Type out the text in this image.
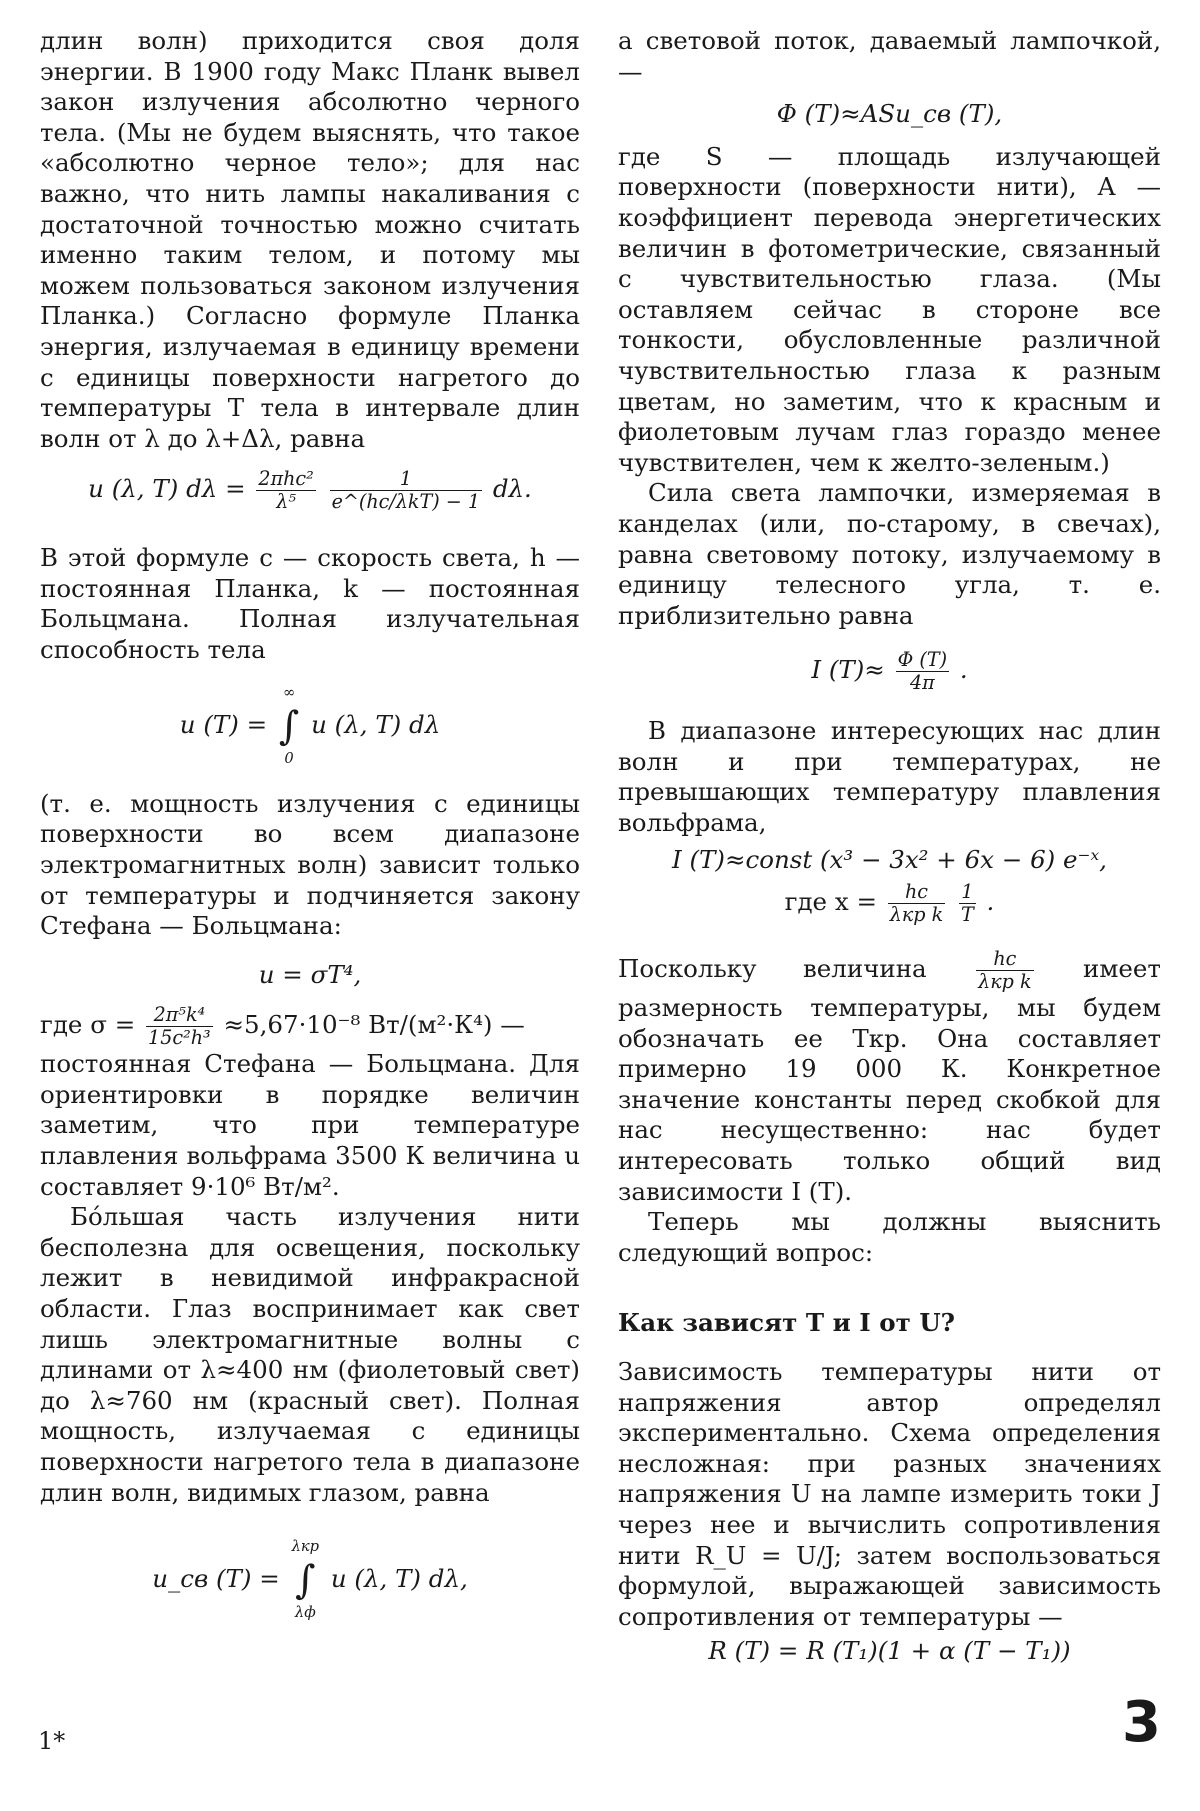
длин волн) приходится своя доля энергии. В 1900 году Макс Планк вывел закон излучения абсолютно черного тела. (Мы не будем выяснять, что такое «абсолютно черное тело»; для нас важно, что нить лампы накаливания с достаточной точностью можно считать именно таким телом, и потому мы можем пользоваться законом излучения Планка.) Согласно формуле Планка энергия, излучаемая в единицу времени с единицы поверхности нагретого до температуры T тела в интервале длин волн от λ до λ+Δλ, равна

u (λ, T) $d\lambda = \frac{\text{2πhc²}}{\text{λ⁵}}$
$\frac{1}{\text{e\textasciicircum{}(hc/λkT) − 1}} d\lambda$.

В этой формуле c — скорость света, h — постоянная Планка, k — постоянная Больцмана. Полная излучательная способность тела

u (T) =
∞
∫
0
u (λ, T) dλ

(т. е. мощность излучения с единицы поверхности во всем диапазоне электромагнитных волн) зависит только от температуры и подчиняется закону Стефана — Больцмана:

u = σT⁴,

где $\sigma = \frac{\text{2π⁵k⁴}}{\text{15c²h³}} \approx 5,67\cdot 10^{-8}$ Вт/(м²·К⁴) —

постоянная Стефана — Больцмана. Для ориентировки в порядке величин заметим, что при температуре плавления вольфрама 3500 К величина u составляет 9·10⁶ Вт/м².

Бо́льшая часть излучения нити бесполезна для освещения, поскольку лежит в невидимой инфракрасной области. Глаз воспринимает как свет лишь электромагнитные волны с длинами от λ≈400 нм (фиолетовый свет) до λ≈760 нм (красный свет). Полная мощность, излучаемая с единицы поверхности нагретого тела в диапазоне длин волн, видимых глазом, равна

u_св (T) =
λкр
∫
λф
u (λ, T) dλ,

а световой поток, даваемый лампочкой,—

Φ (T)≈ASu_св (T),

где S — площадь излучающей поверхности (поверхности нити), A — коэффициент перевода энергетических величин в фотометрические, связанный с чувствительностью глаза. (Мы оставляем сейчас в стороне все тонкости, обусловленные различной чувствительностью глаза к разным цветам, но заметим, что к красным и фиолетовым лучам глаз гораздо менее чувствителен, чем к желто-зеленым.)

Сила света лампочки, измеряемая в канделах (или, по-старому, в свечах), равна световому потоку, излучаемому в единицу телесного угла, т. е. приблизительно равна

I $(T)\approx \frac{\Phi (T)}{4\pi}$ .

В диапазоне интересующих нас длин волн и при температурах, не превышающих температуру плавления вольфрама,

I (T)≈const (x³ − 3x² + 6x − 6) e⁻ˣ,
где $x = \frac{hc}{\text{λкр k}}$
$\frac{1}{T}$ .

Поскольку величина	$\frac{hc}{\text{λкр k}}$ имеет размерность температуры, мы будем обозначать ее Tкр. Она составляет примерно 19 000 К. Конкретное значение константы перед скобкой для нас несущественно: нас будет интересовать только общий вид зависимости I (T).

Теперь мы должны выяснить следующий вопрос:

Как зависят T и I от U?

Зависимость температуры нити от напряжения автор определял экспериментально. Схема определения несложная: при разных значениях напряжения U на лампе измерить токи J через нее и вычислить сопротивления нити R_U = U/J; затем воспользоваться формулой, выражающей зависимость сопротивления от температуры —

R (T) = R (T₁)(1 + α (T − T₁))
1*	3
